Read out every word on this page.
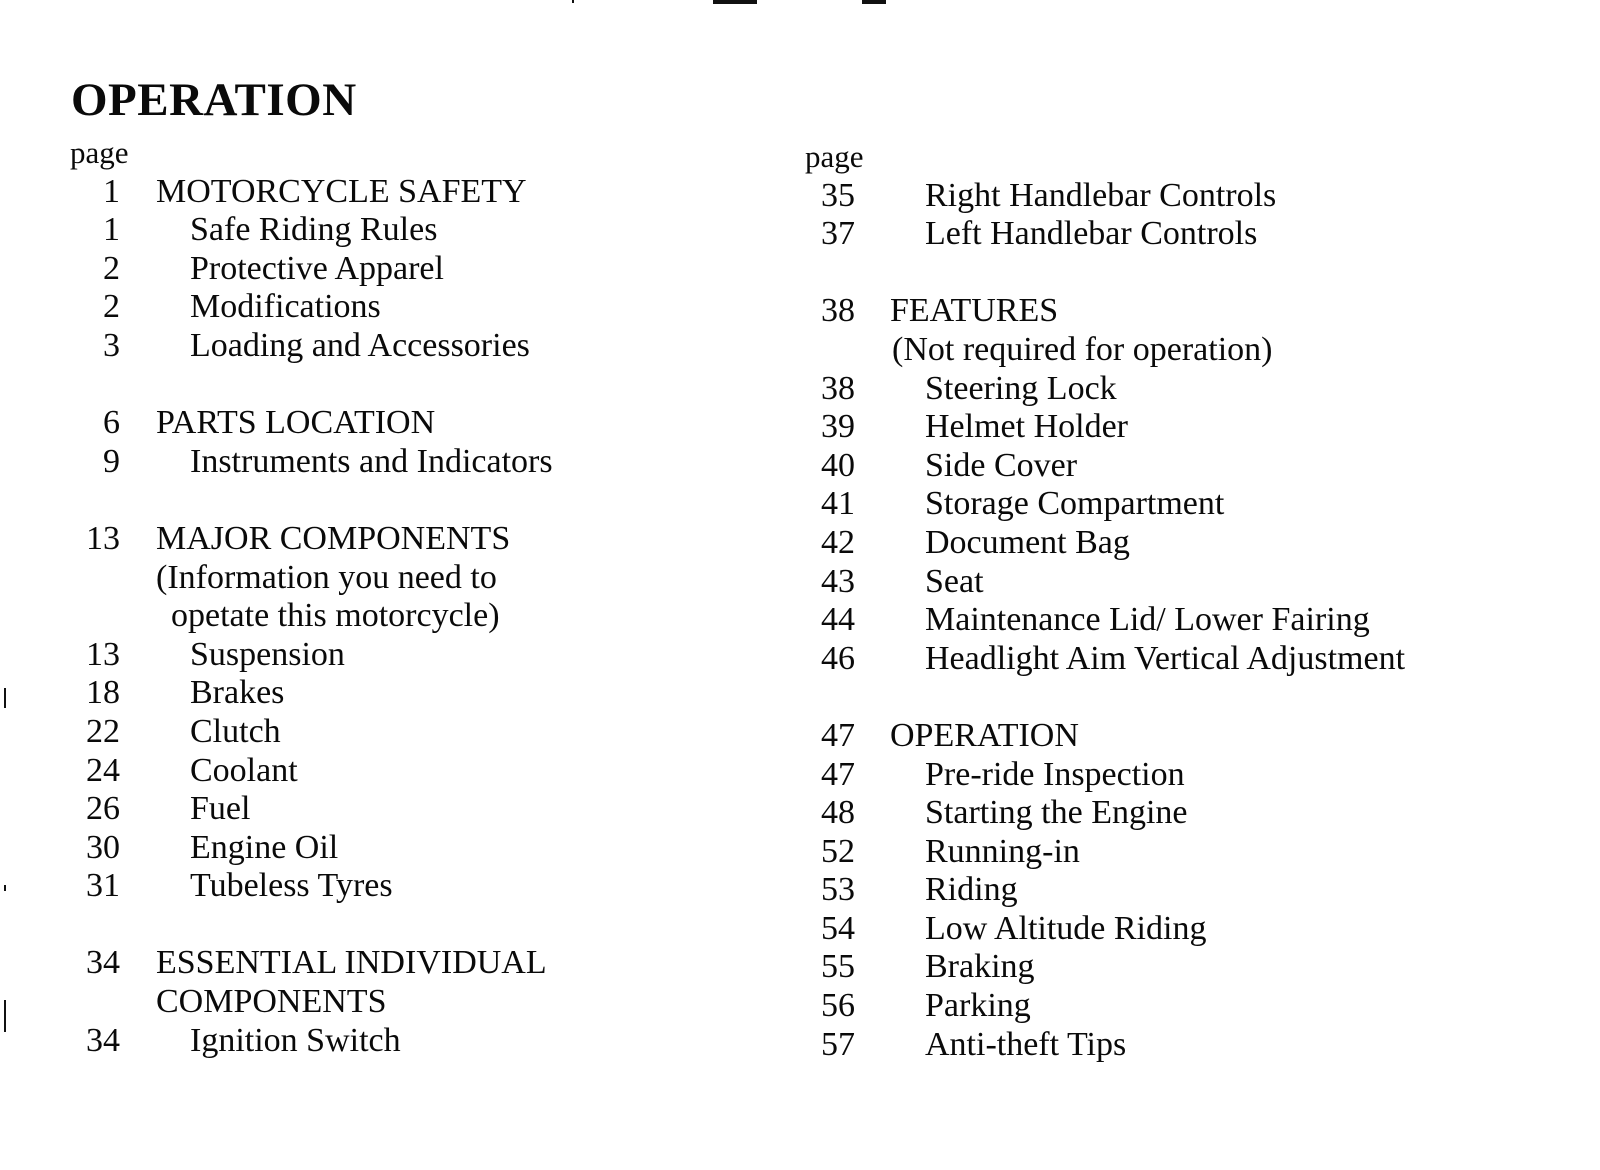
OPERATION
page
1 MOTORCYCLE SAFETY
1 Safe Riding Rules
2 Protective Apparel
2 Modifications
3 Loading and Accessories
6 PARTS LOCATION
9 Instruments and Indicators
13 MAJOR COMPONENTS
(Information you need to
opetate this motorcycle)
13 Suspension
18 Brakes
22 Clutch
24 Coolant
26 Fuel
30 Engine Oil
31 Tubeless Tyres
34 ESSENTIAL INDIVIDUAL
COMPONENTS
34 Ignition Switch
page
35 Right Handlebar Controls
37 Left Handlebar Controls
38 FEATURES
(Not required for operation)
38 Steering Lock
39 Helmet Holder
40 Side Cover
41 Storage Compartment
42 Document Bag
43 Seat
44 Maintenance Lid/ Lower Fairing
46 Headlight Aim Vertical Adjustment
47 OPERATION
47 Pre-ride Inspection
48 Starting the Engine
52 Running-in
53 Riding
54 Low Altitude Riding
55 Braking
56 Parking
57 Anti-theft Tips
